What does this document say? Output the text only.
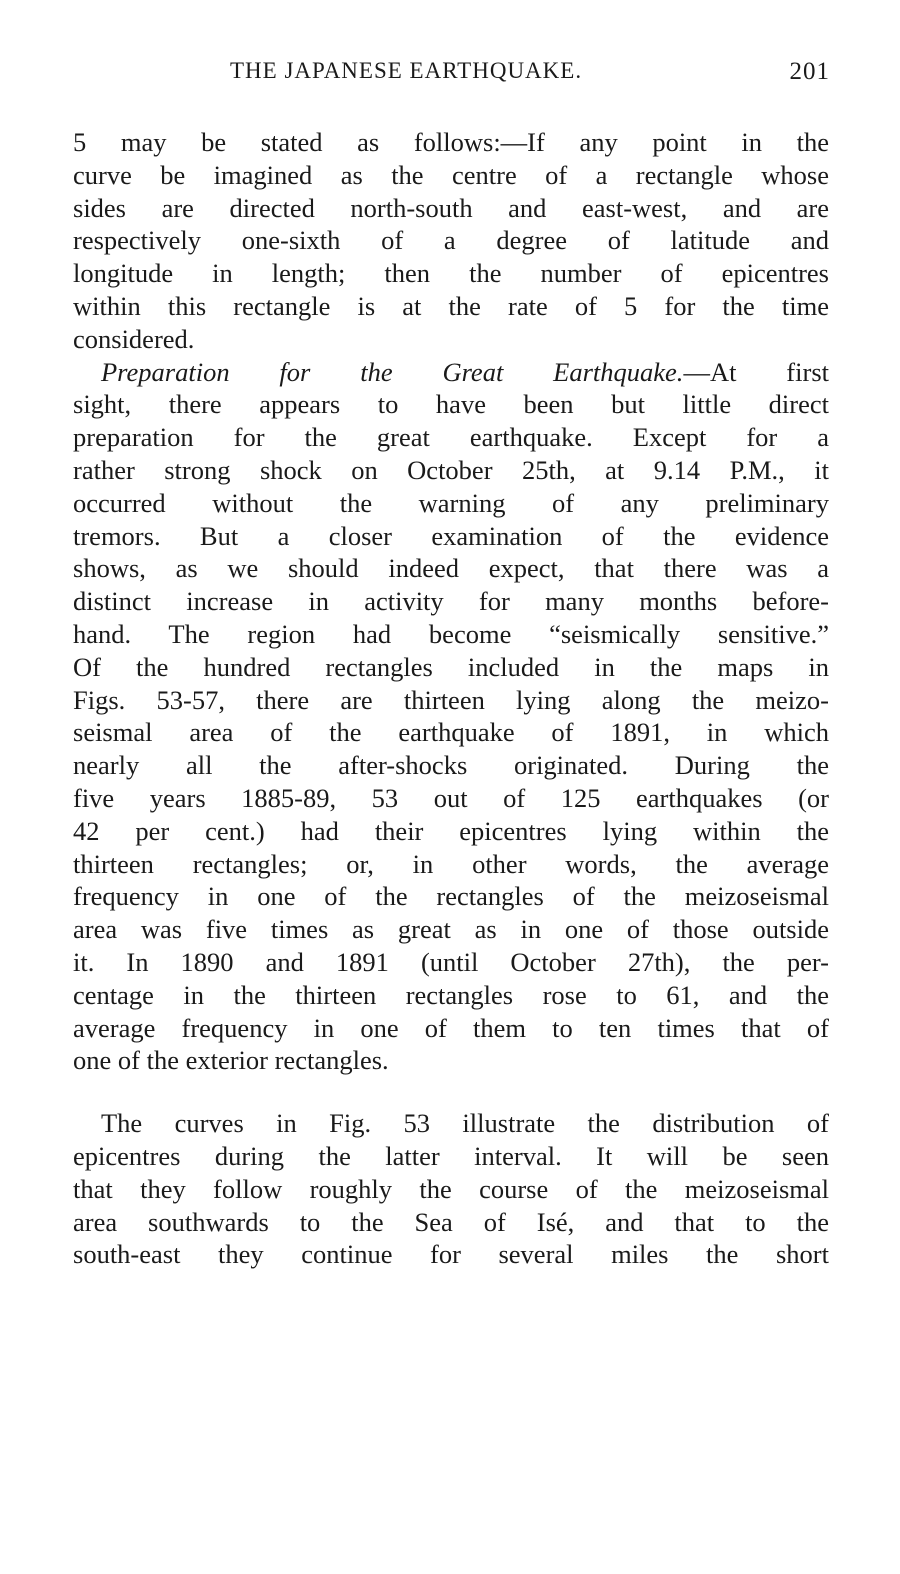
THE JAPANESE EARTHQUAKE.	201
5 may be stated as follows:—If any point in the
curve be imagined as the centre of a rectangle whose
sides are directed north-south and east-west, and are
respectively one-sixth of a degree of latitude and
longitude in length; then the number of epicentres
within this rectangle is at the rate of 5 for the time
considered.
Preparation for the Great Earthquake.—At first
sight, there appears to have been but little direct
preparation for the great earthquake. Except for a
rather strong shock on October 25th, at 9.14 P.M., it
occurred without the warning of any preliminary
tremors. But a closer examination of the evidence
shows, as we should indeed expect, that there was a
distinct increase in activity for many months before-
hand. The region had become “seismically sensitive.”
Of the hundred rectangles included in the maps in
Figs. 53-57, there are thirteen lying along the meizo-
seismal area of the earthquake of 1891, in which
nearly all the after-shocks originated. During the
five years 1885-89, 53 out of 125 earthquakes (or
42 per cent.) had their epicentres lying within the
thirteen rectangles; or, in other words, the average
frequency in one of the rectangles of the meizoseismal
area was five times as great as in one of those outside
it. In 1890 and 1891 (until October 27th), the per-
centage in the thirteen rectangles rose to 61, and the
average frequency in one of them to ten times that of
one of the exterior rectangles.
The curves in Fig. 53 illustrate the distribution of
epicentres during the latter interval. It will be seen
that they follow roughly the course of the meizoseismal
area southwards to the Sea of Isé, and that to the
south-east they continue for several miles the short
